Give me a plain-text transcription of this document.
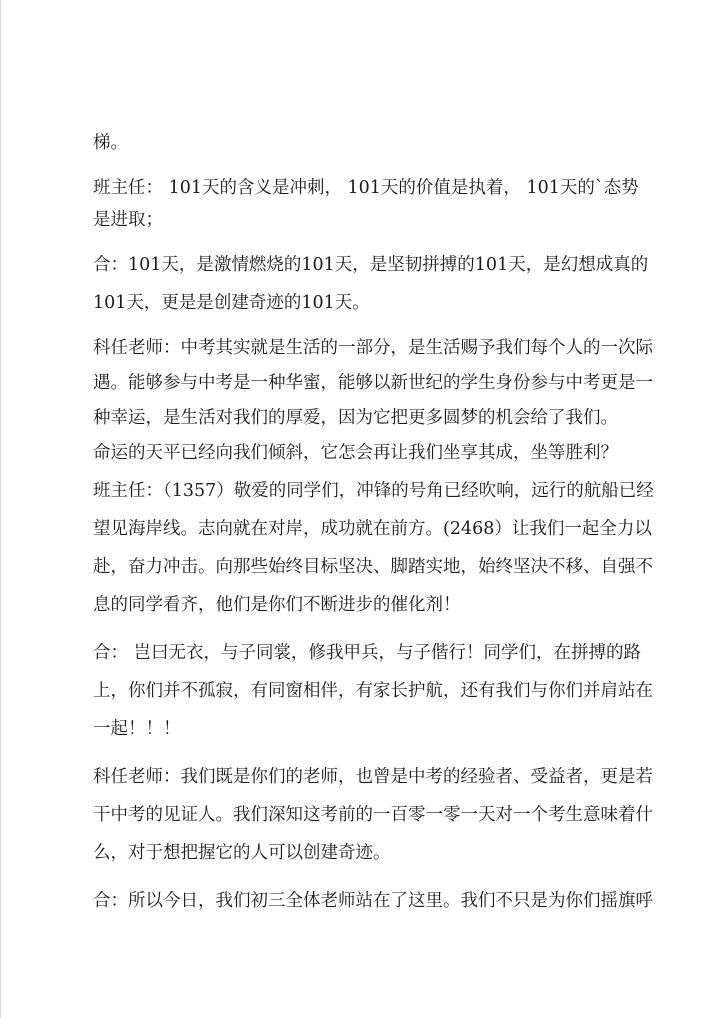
梯。
班主任： 101天的含义是冲刺， 101天的价值是执着， 101天的`态势
是进取；
合：101天，是激情燃烧的101天，是坚韧拼搏的101天，是幻想成真的
101天，更是是创建奇迹的101天。
科任老师：中考其实就是生活的一部分，是生活赐予我们每个人的一次际
遇。能够参与中考是一种华蜜，能够以新世纪的学生身份参与中考更是一
种幸运，是生活对我们的厚爱，因为它把更多圆梦的机会给了我们。
命运的天平已经向我们倾斜，它怎会再让我们坐享其成，坐等胜利？
班主任：（1357）敬爱的同学们，冲锋的号角已经吹响，远行的航船已经
望见海岸线。志向就在对岸，成功就在前方。(2468）让我们一起全力以
赴，奋力冲击。向那些始终目标坚决、脚踏实地，始终坚决不移、自强不
息的同学看齐，他们是你们不断进步的催化剂！
合： 岂曰无衣，与子同裳，修我甲兵，与子偕行！同学们，在拼搏的路
上，你们并不孤寂，有同窗相伴，有家长护航，还有我们与你们并肩站在
一起！！！
科任老师：我们既是你们的老师，也曾是中考的经验者、受益者，更是若
干中考的见证人。我们深知这考前的一百零一零一天对一个考生意味着什
么，对于想把握它的人可以创建奇迹。
合：所以今日，我们初三全体老师站在了这里。我们不只是为你们摇旗呼
